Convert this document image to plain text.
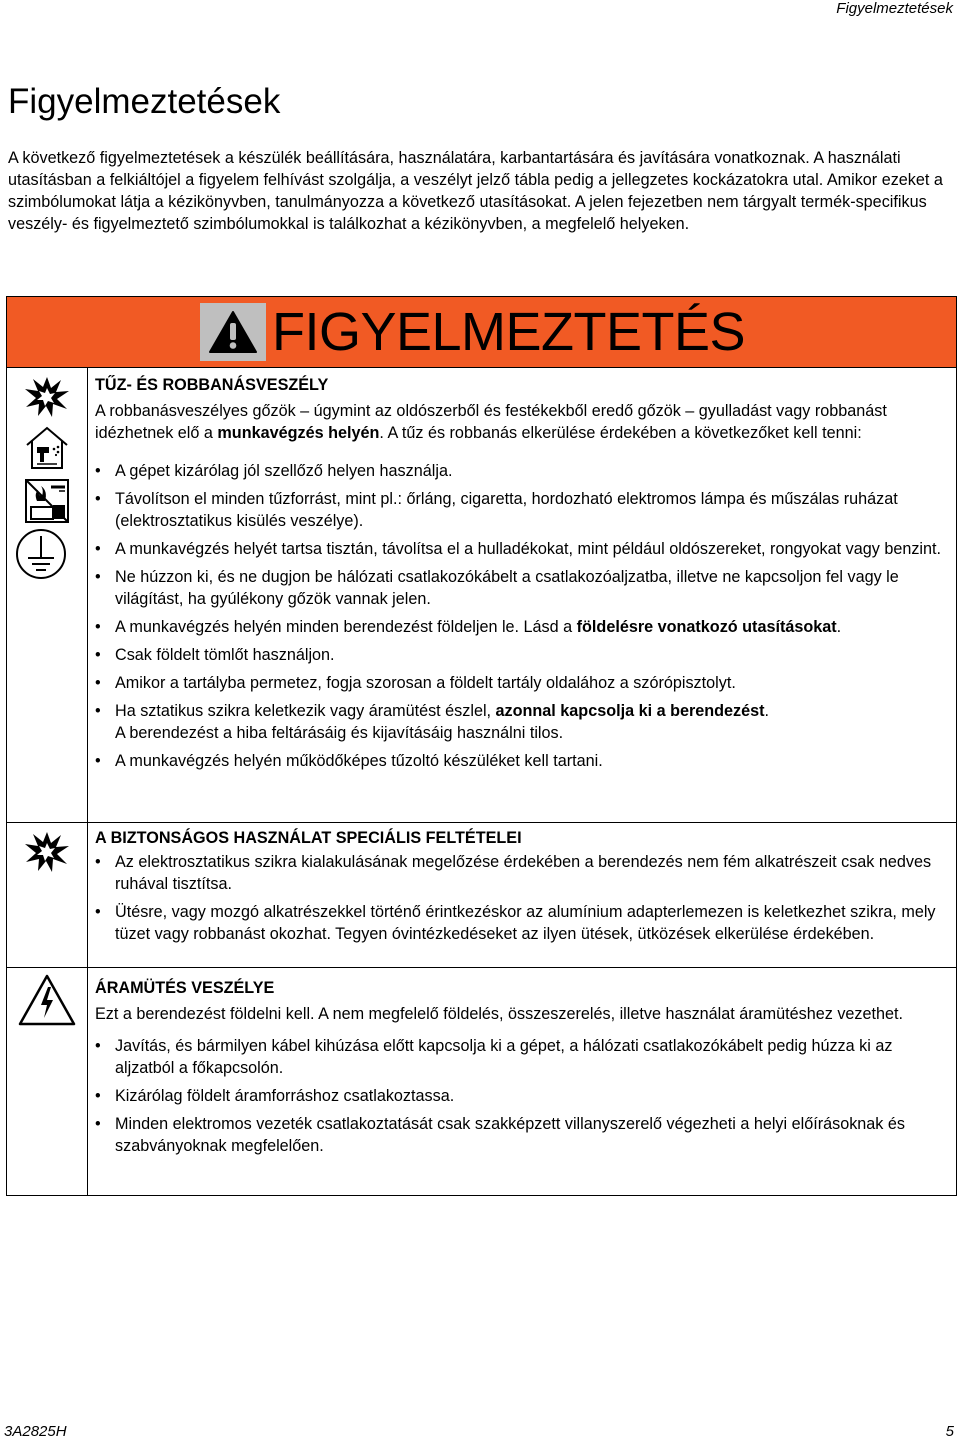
Figyelmeztetések
Figyelmeztetések

A következő figyelmeztetések a készülék beállítására, használatára, karbantartására és javítására vonatkoznak. A használati utasításban a felkiáltójel a figyelem felhívást szolgálja, a veszélyt jelző tábla pedig a jellegzetes kockázatokra utal. Amikor ezeket a szimbólumokat látja a kézikönyvben, tanulmányozza a következő utasításokat. A jelen fejezetben nem tárgyalt termék-specifikus veszély- és figyelmeztető szimbólumokkal is találkozhat a kézikönyvben, a megfelelő helyeken.

FIGYELMEZTETÉS

TŰZ- ÉS ROBBANÁSVESZÉLY

A robbanásveszélyes gőzök – úgymint az oldószerből és festékekből eredő gőzök – gyulladást vagy robbanást idézhetnek elő a munkavégzés helyén. A tűz és robbanás elkerülése érdekében a következőket kell tenni:

• A gépet kizárólag jól szellőző helyen használja.
• Távolítson el minden tűzforrást, mint pl.: őrláng, cigaretta, hordozható elektromos lámpa és műszálas ruházat (elektrosztatikus kisülés veszélye).
• A munkavégzés helyét tartsa tisztán, távolítsa el a hulladékokat, mint például oldószereket, rongyokat vagy benzint.
• Ne húzzon ki, és ne dugjon be hálózati csatlakozókábelt a csatlakozóaljzatba, illetve ne kapcsoljon fel vagy le világítást, ha gyúlékony gőzök vannak jelen.
• A munkavégzés helyén minden berendezést földeljen le. Lásd a földelésre vonatkozó utasításokat.
• Csak földelt tömlőt használjon.
• Amikor a tartályba permetez, fogja szorosan a földelt tartály oldalához a szórópisztolyt.
• Ha sztatikus szikra keletkezik vagy áramütést észlel, azonnal kapcsolja ki a berendezést.
A berendezést a hiba feltárásáig és kijavításáig használni tilos.
• A munkavégzés helyén működőképes tűzoltó készüléket kell tartani.

A BIZTONSÁGOS HASZNÁLAT SPECIÁLIS FELTÉTELEI

• Az elektrosztatikus szikra kialakulásának megelőzése érdekében a berendezés nem fém alkatrészeit csak nedves ruhával tisztítsa.
• Ütésre, vagy mozgó alkatrészekkel történő érintkezéskor az alumínium adapterlemezen is keletkezhet szikra, mely tüzet vagy robbanást okozhat. Tegyen óvintézkedéseket az ilyen ütések, ütközések elkerülése érdekében.

ÁRAMÜTÉS VESZÉLYE

Ezt a berendezést földelni kell. A nem megfelelő földelés, összeszerelés, illetve használat áramütéshez vezethet.

• Javítás, és bármilyen kábel kihúzása előtt kapcsolja ki a gépet, a hálózati csatlakozókábelt pedig húzza ki az aljzatból a főkapcsolón.
• Kizárólag földelt áramforráshoz csatlakoztassa.
• Minden elektromos vezeték csatlakoztatását csak szakképzett villanyszerelő végezheti a helyi előírásoknak és szabványoknak megfelelően.
3A2825H	5
